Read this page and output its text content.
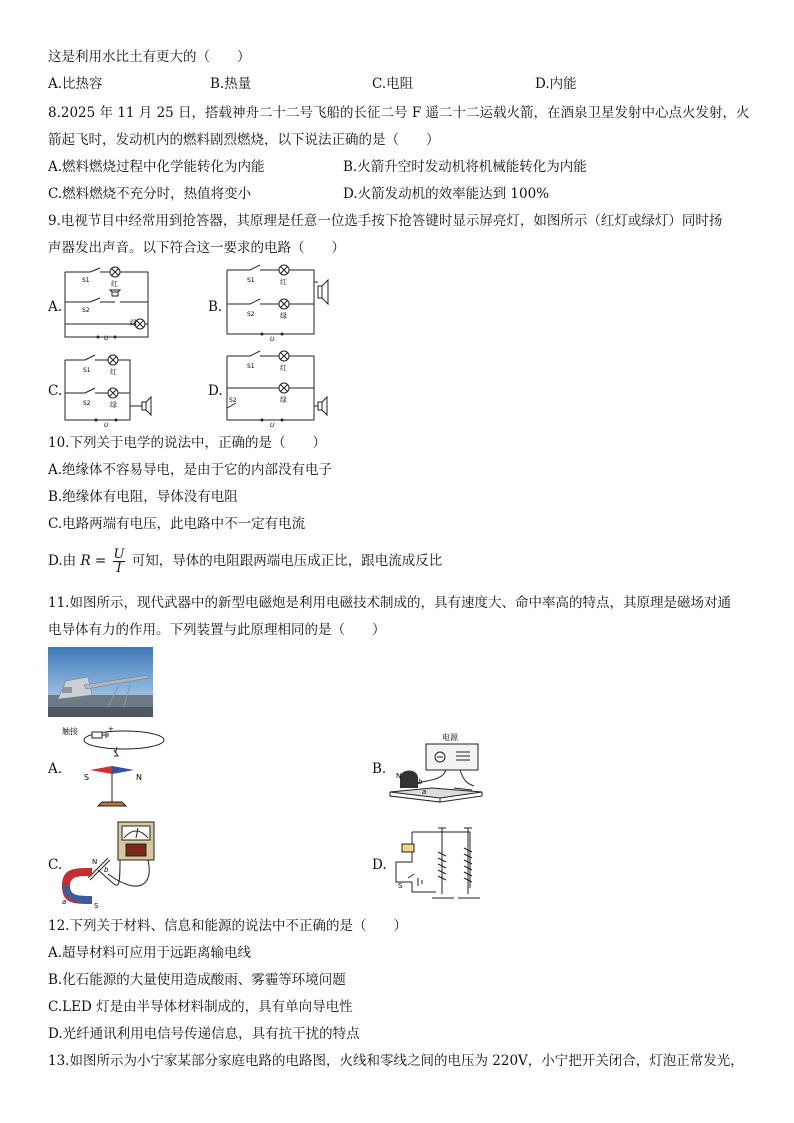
这是利用水比土有更大的（　　）
A.比热容	B.热量	C.电阻	D.内能
8.2025 年 11 月 25 日，搭载神舟二十二号飞船的长征二号 F 遥二十二运载火箭，在酒泉卫星发射中心点火发射，火
箭起飞时，发动机内的燃料剧烈燃烧，以下说法正确的是（　　）
A.燃料燃烧过程中化学能转化为内能	B.火箭升空时发动机将机械能转化为内能
C.燃料燃烧不充分时，热值将变小	D.火箭发动机的效率能达到 100%
9.电视节目中经常用到抢答器，其原理是任意一位选手按下抢答键时显示屏亮灯，如图所示（红灯或绿灯）同时扬
声器发出声音。以下符合这一要求的电路（　　）
A.	B.
C.	D.
S1
S2
红
绿
U
S1
S2
红
绿
U
S1
S2
红
绿
U
S1
S2
红
绿
U
10.下列关于电学的说法中，正确的是（　　）
A.绝缘体不容易导电，是由于它的内部没有电子
B.绝缘体有电阻，导体没有电阻
C.电路两端有电压，此电路中不一定有电流
D.由 $R = \frac{U}{I}$ 可知，导体的电阻跟两端电压成正比，跟电流成反比
11.如图所示，现代武器中的新型电磁炮是利用电磁技术制成的，具有速度大、命中率高的特点，其原理是磁场对通
电导体有力的作用。下列装置与此原理相同的是（　　）
A.	B.
C.	D.
触接	+
I
S	N	N
b
a
电源
N
S
b
a
S
12.下列关于材料、信息和能源的说法中不正确的是（　　）
A.超导材料可应用于远距离输电线
B.化石能源的大量使用造成酸雨、雾霾等环境问题
C.LED 灯是由半导体材料制成的，具有单向导电性
D.光纤通讯利用电信号传递信息，具有抗干扰的特点
13.如图所示为小宁家某部分家庭电路的电路图，火线和零线之间的电压为 220V，小宁把开关闭合，灯泡正常发光，
